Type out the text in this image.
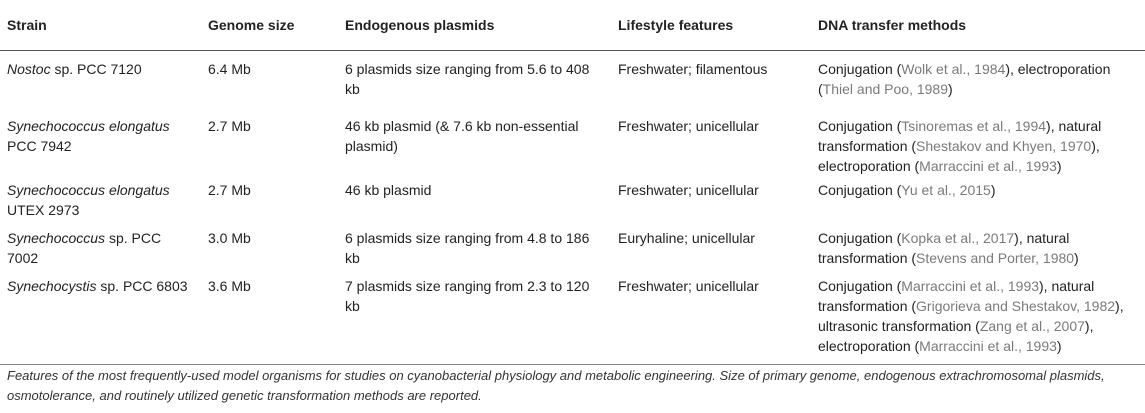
Strain	Genome size	Endogenous plasmids	Lifestyle features	DNA transfer methods
Nostoc sp. PCC 7120	6.4 Mb	6 plasmids size ranging from 5.6 to 408 kb	Freshwater; filamentous	Conjugation (Wolk et al., 1984), electroporation (Thiel and Poo, 1989)
Synechococcus elongatus PCC 7942	2.7 Mb	46 kb plasmid (& 7.6 kb non-essential plasmid)	Freshwater; unicellular	Conjugation (Tsinoremas et al., 1994), natural transformation (Shestakov and Khyen, 1970), electroporation (Marraccini et al., 1993)
Synechococcus elongatus UTEX 2973	2.7 Mb	46 kb plasmid	Freshwater; unicellular	Conjugation (Yu et al., 2015)
Synechococcus sp. PCC 7002	3.0 Mb	6 plasmids size ranging from 4.8 to 186 kb	Euryhaline; unicellular	Conjugation (Kopka et al., 2017), natural transformation (Stevens and Porter, 1980)
Synechocystis sp. PCC 6803	3.6 Mb	7 plasmids size ranging from 2.3 to 120 kb	Freshwater; unicellular	Conjugation (Marraccini et al., 1993), natural transformation (Grigorieva and Shestakov, 1982), ultrasonic transformation (Zang et al., 2007), electroporation (Marraccini et al., 1993)
Features of the most frequently-used model organisms for studies on cyanobacterial physiology and metabolic engineering. Size of primary genome, endogenous extrachromosomal plasmids, osmotolerance, and routinely utilized genetic transformation methods are reported.
